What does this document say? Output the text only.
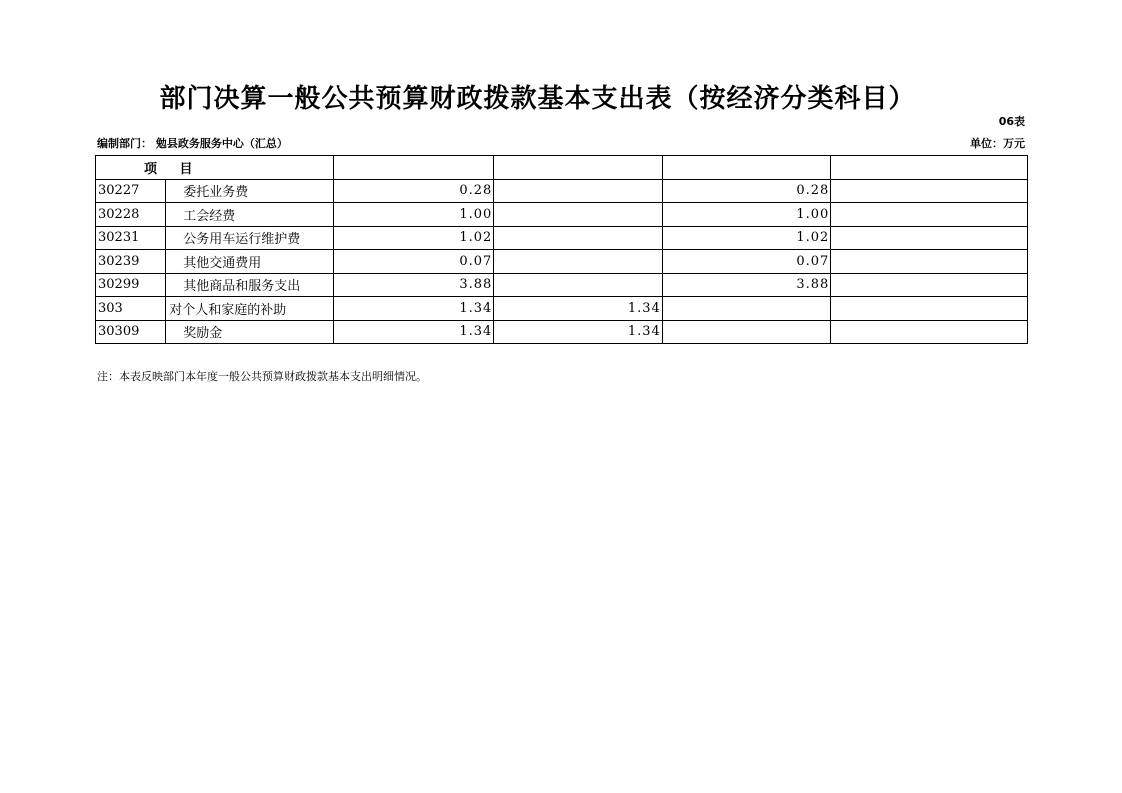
部门决算一般公共预算财政拨款基本支出表（按经济分类科目）
06表
编制部门： 勉县政务服务中心（汇总）	单位：万元
项 目					
30227	委托业务费	0.28		0.28	
30228	工会经费	1.00		1.00	
30231	公务用车运行维护费	1.02		1.02	
30239	其他交通费用	0.07		0.07	
30299	其他商品和服务支出	3.88		3.88	
303	对个人和家庭的补助	1.34	1.34		
30309	奖励金	1.34	1.34		
注：本表反映部门本年度一般公共预算财政拨款基本支出明细情况。
